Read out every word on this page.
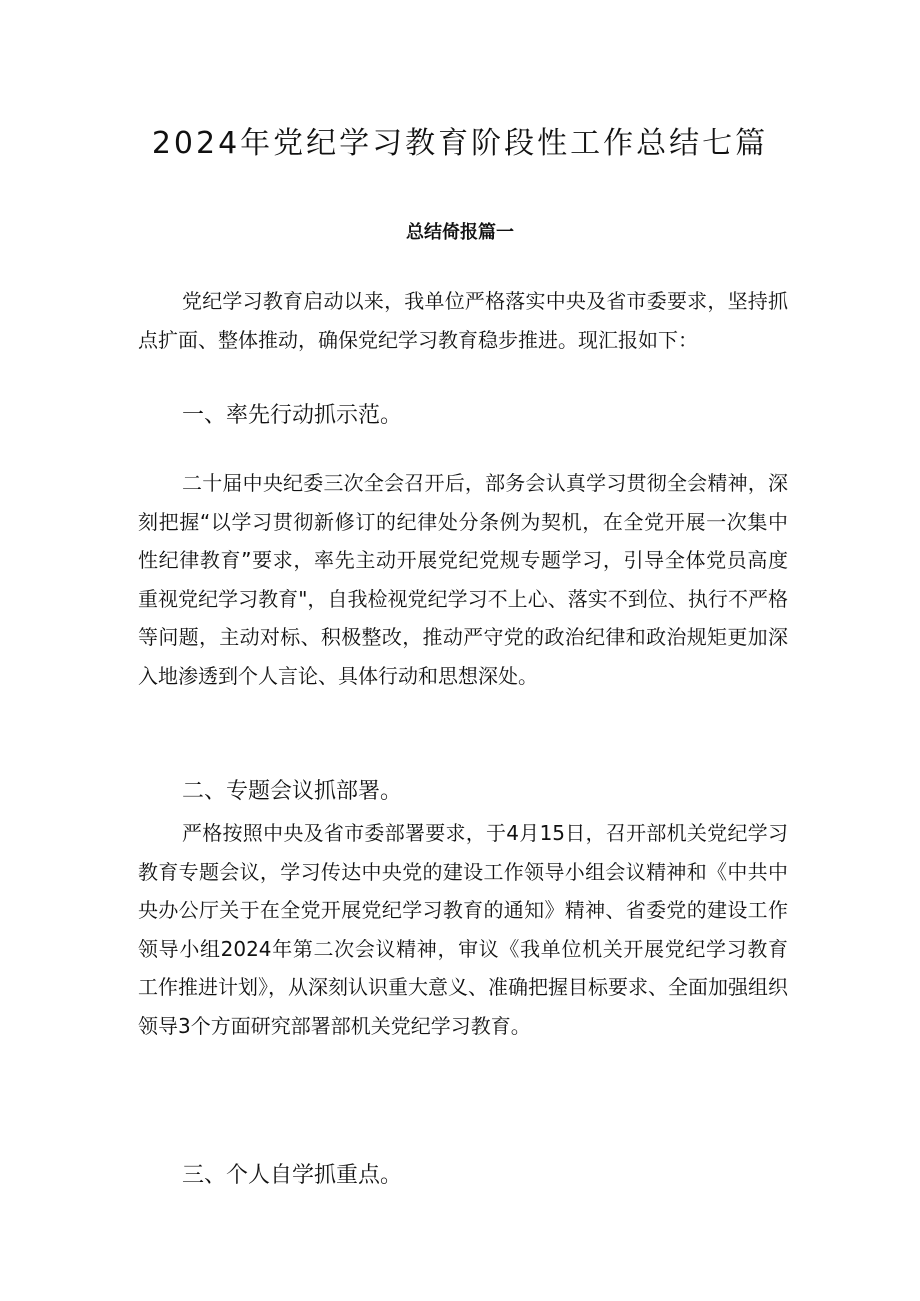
2024年党纪学习教育阶段性工作总结七篇
总结倚报篇一

党纪学习教育启动以来，我单位严格落实中央及省市委要求，坚持抓点扩面、整体推动，确保党纪学习教育稳步推进。现汇报如下：

一、率先行动抓示范。

二十届中央纪委三次全会召开后，部务会认真学习贯彻全会精神，深刻把握“以学习贯彻新修订的纪律处分条例为契机，在全党开展一次集中性纪律教育”要求，率先主动开展党纪党规专题学习，引导全体党员高度重视党纪学习教育"，自我检视党纪学习不上心、落实不到位、执行不严格等问题，主动对标、积极整改，推动严守党的政治纪律和政治规矩更加深入地渗透到个人言论、具体行动和思想深处。

二、专题会议抓部署。

严格按照中央及省市委部署要求，于4月15日，召开部机关党纪学习教育专题会议，学习传达中央党的建设工作领导小组会议精神和《中共中央办公厅关于在全党开展党纪学习教育的通知》精神、省委党的建设工作领导小组2024年第二次会议精神，审议《我单位机关开展党纪学习教育工作推进计划》，从深刻认识重大意义、准确把握目标要求、全面加强组织领导3个方面研究部署部机关党纪学习教育。

三、个人自学抓重点。
